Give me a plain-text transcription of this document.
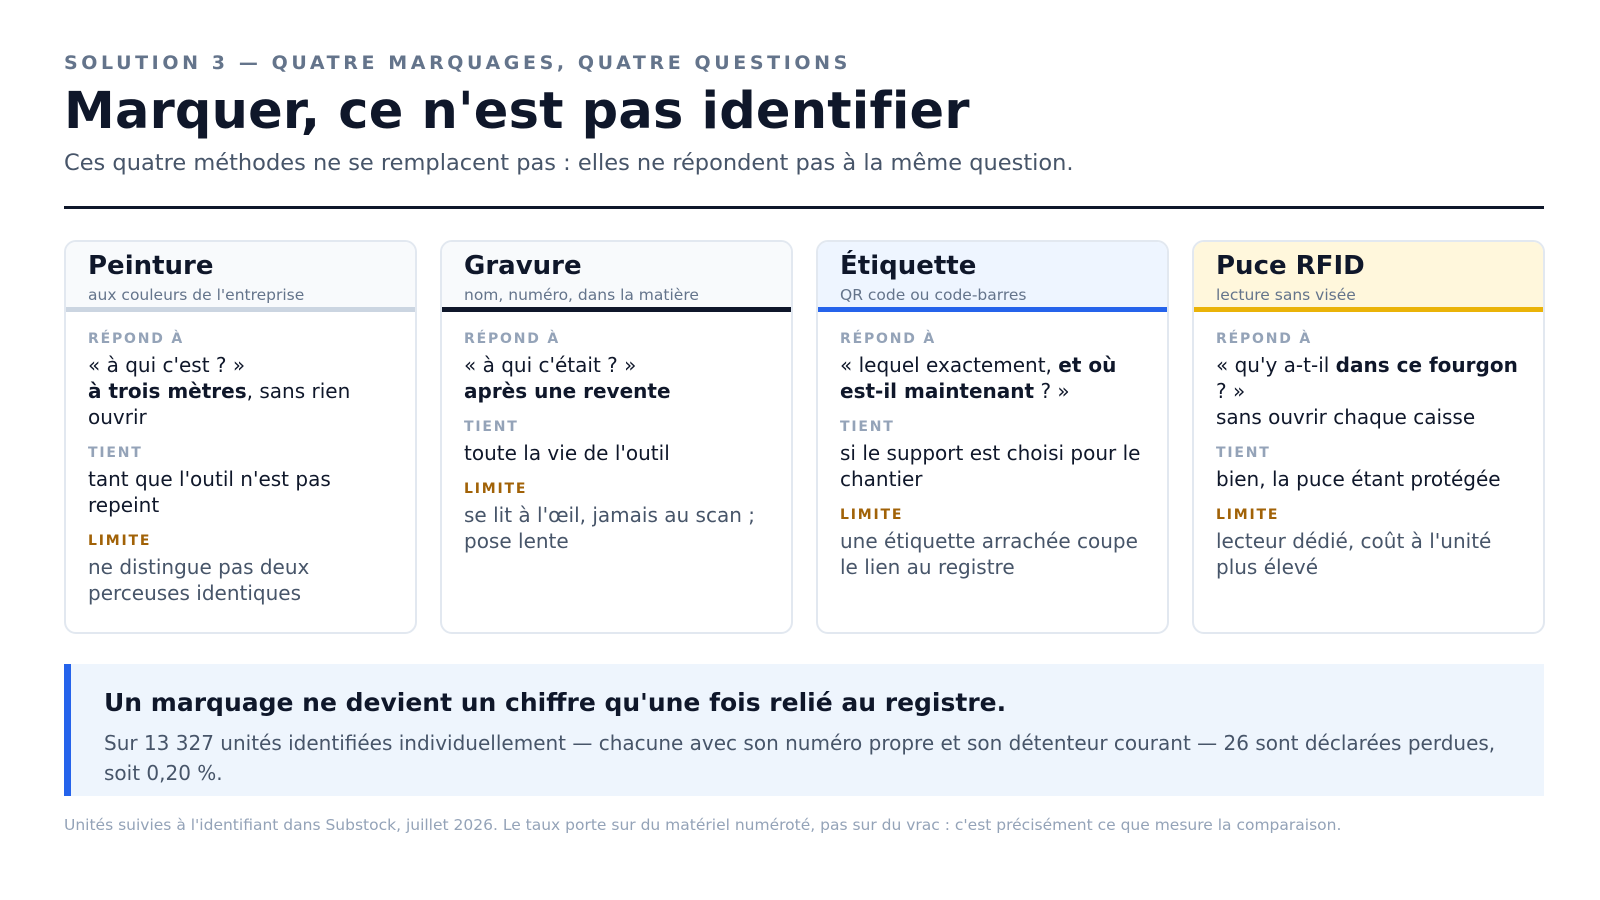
SOLUTION 3 — QUATRE MARQUAGES, QUATRE QUESTIONS
Marquer, ce n'est pas identifier
Ces quatre méthodes ne se remplacent pas : elles ne répondent pas à la même question.
Peinture
aux couleurs de l'entreprise
RÉPOND À
« à qui c'est ? »
à trois mètres, sans rien ouvrir
TIENT
tant que l'outil n'est pas repeint
LIMITE
ne distingue pas deux perceuses identiques
Gravure
nom, numéro, dans la matière
RÉPOND À
« à qui c'était ? »
après une revente
TIENT
toute la vie de l'outil
LIMITE
se lit à l'œil, jamais au scan ; pose lente
Étiquette
QR code ou code-barres
RÉPOND À
« lequel exactement, et où est-il maintenant ? »
TIENT
si le support est choisi pour le chantier
LIMITE
une étiquette arrachée coupe le lien au registre
Puce RFID
lecture sans visée
RÉPOND À
« qu'y a-t-il dans ce fourgon ? »
sans ouvrir chaque caisse
TIENT
bien, la puce étant protégée
LIMITE
lecteur dédié, coût à l'unité plus élevé
Un marquage ne devient un chiffre qu'une fois relié au registre.
Sur 13 327 unités identifiées individuellement — chacune avec son numéro propre et son détenteur courant — 26 sont déclarées perdues, soit 0,20 %.
Unités suivies à l'identifiant dans Substock, juillet 2026. Le taux porte sur du matériel numéroté, pas sur du vrac : c'est précisément ce que mesure la comparaison.
